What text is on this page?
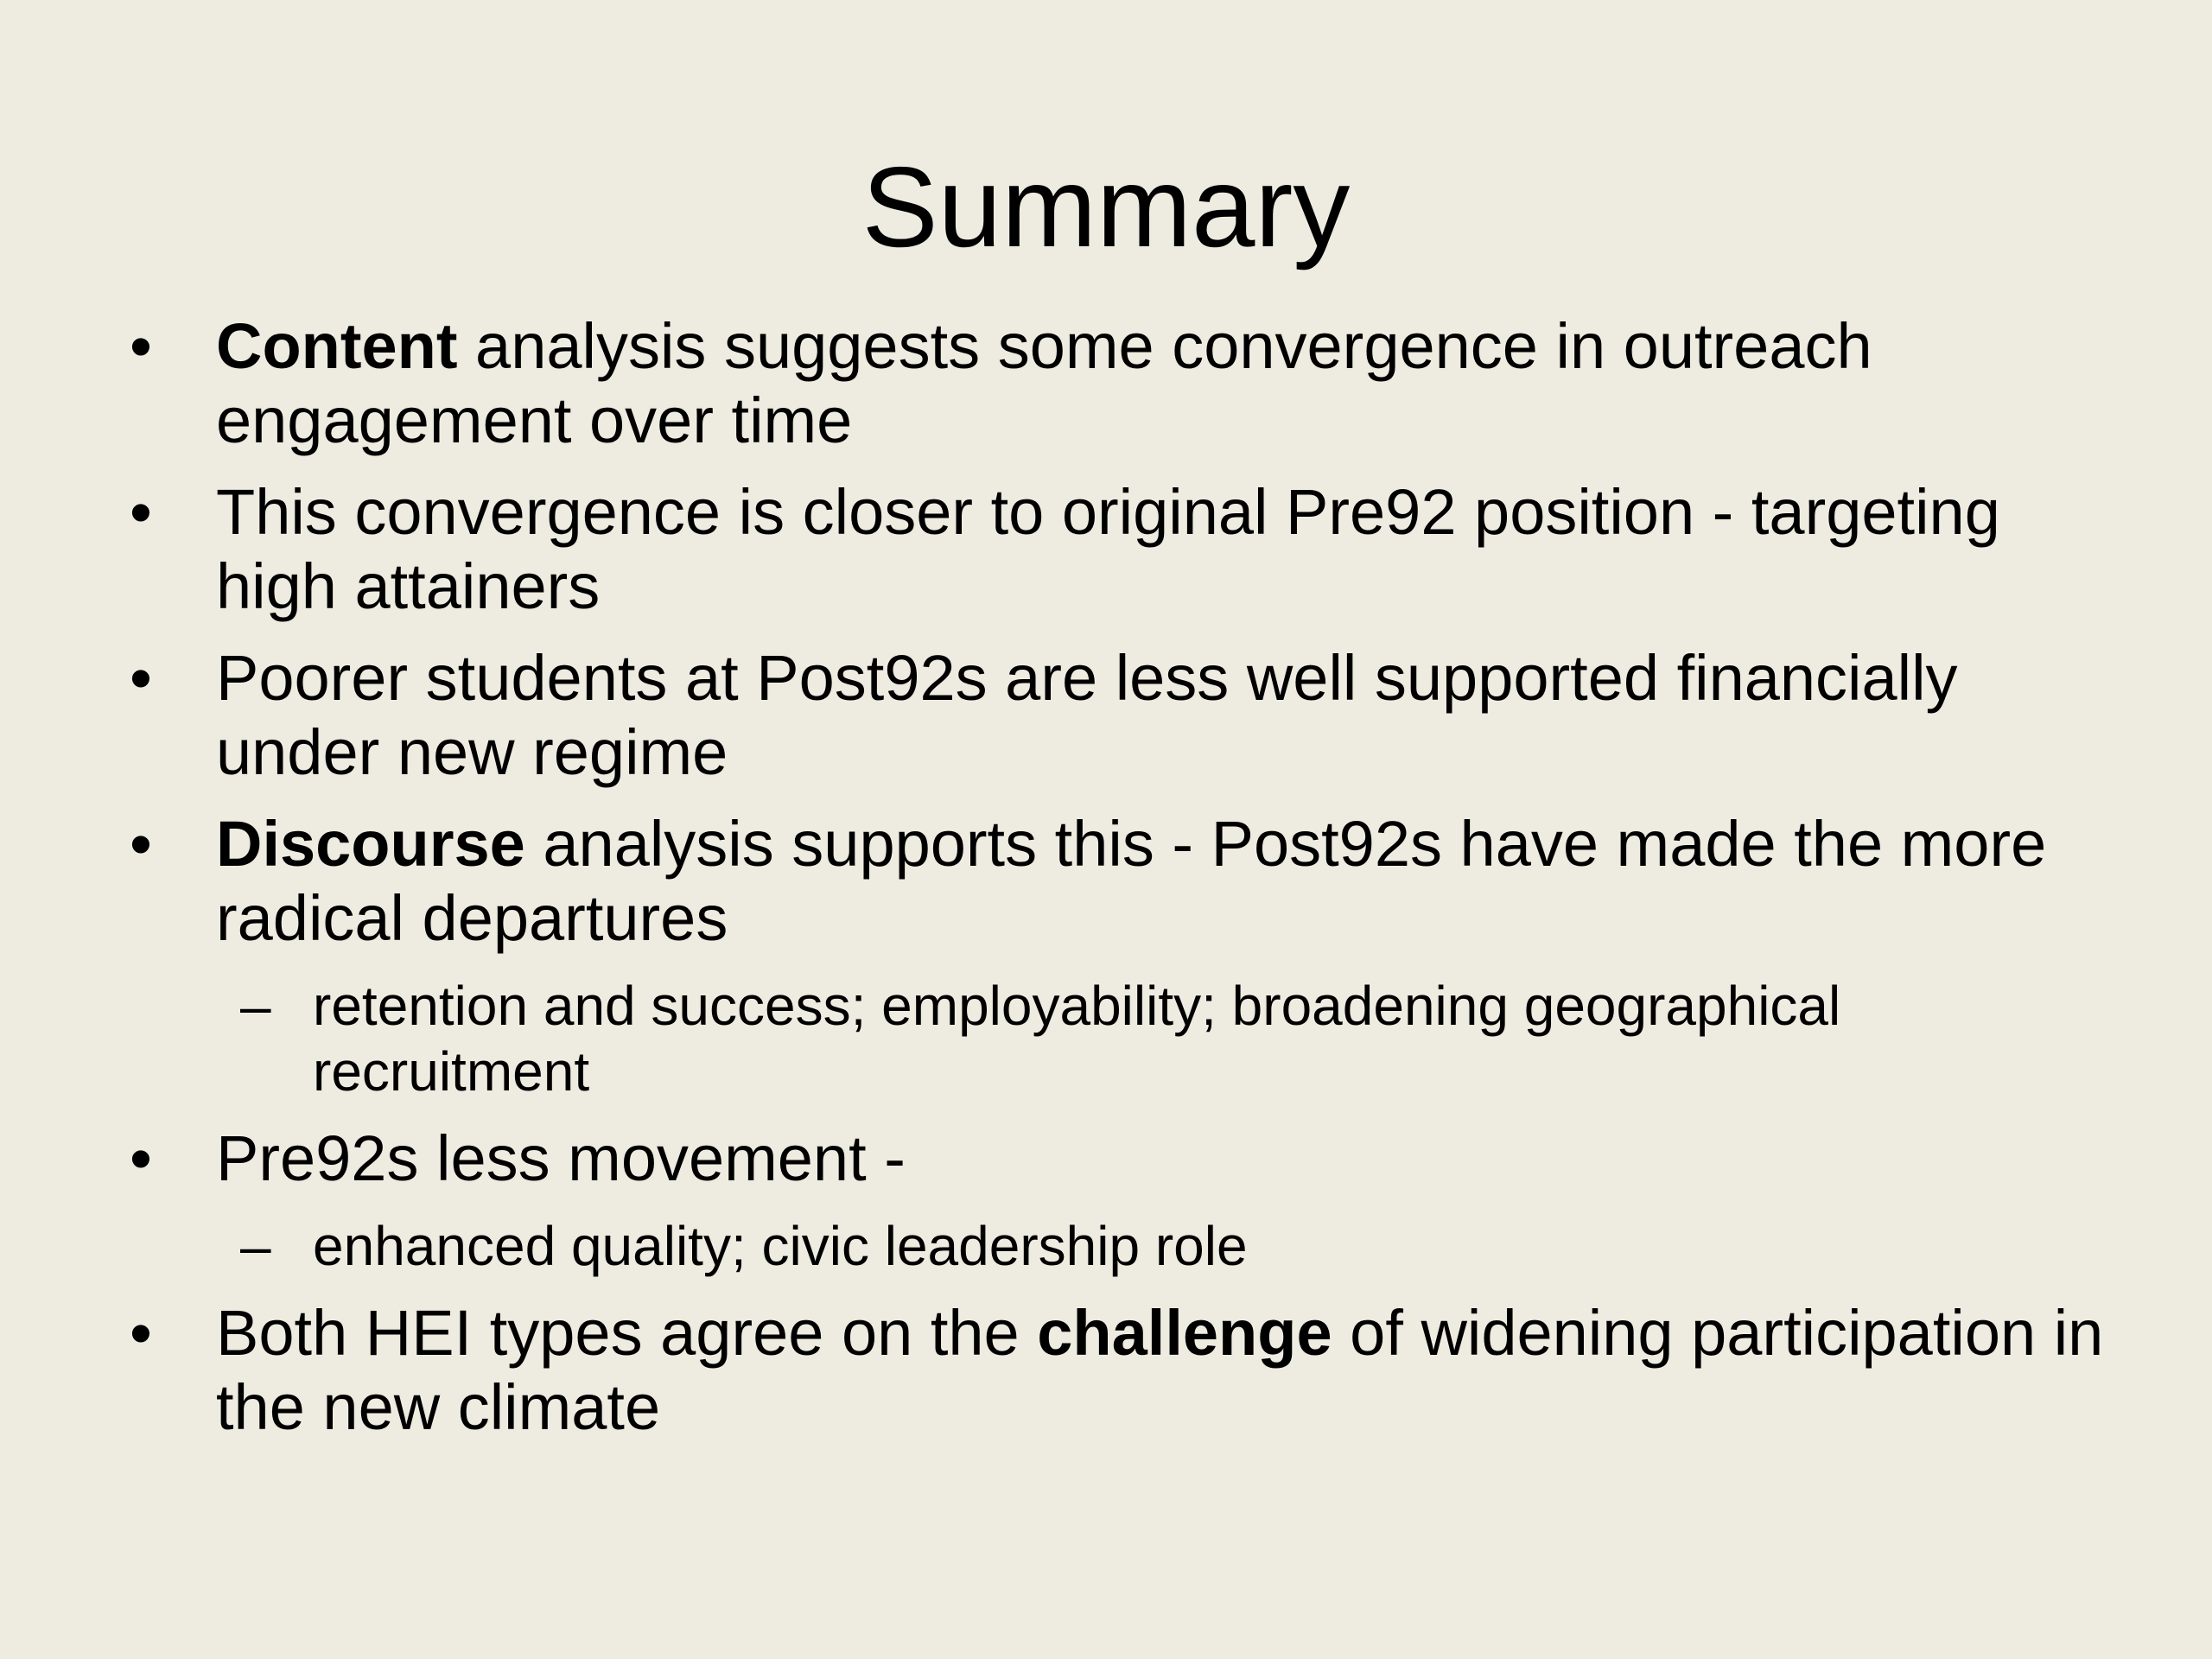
Summary
• Content analysis suggests some convergence in outreach engagement over time
• This convergence is closer to original Pre92 position - targeting high attainers
• Poorer students at Post92s are less well supported financially under new regime
• Discourse analysis supports this - Post92s have made the more radical departures
– retention and success; employability; broadening geographical recruitment
• Pre92s less movement -
– enhanced quality; civic leadership role
• Both HEI types agree on the challenge of widening participation in the new climate
